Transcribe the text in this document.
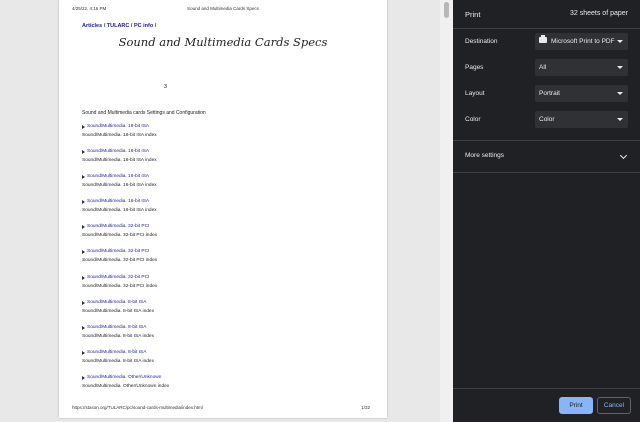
4/25/22, 4:16 PM	Sound and Multimedia Cards Specs
Articles / TULARC / PC info /
Sound and Multimedia Cards Specs
3
Sound and Multimedia cards Settings and Configuration
Sound/Multimedia. 16-bit ISA
Sound/Multimedia. 16-bit ISA index
Sound/Multimedia. 16-bit ISA
Sound/Multimedia. 16-bit ISA index
Sound/Multimedia. 16-bit ISA
Sound/Multimedia. 16-bit ISA index
Sound/Multimedia. 16-bit ISA
Sound/Multimedia. 16-bit ISA index
Sound/Multimedia. 32-bit PCI
Sound/Multimedia. 32-bit PCI index
Sound/Multimedia. 32-bit PCI
Sound/Multimedia. 32-bit PCI index
Sound/Multimedia. 32-bit PCI
Sound/Multimedia. 32-bit PCI index
Sound/Multimedia. 8-bit ISA
Sound/Multimedia. 8-bit ISA index
Sound/Multimedia. 8-bit ISA
Sound/Multimedia. 8-bit ISA index
Sound/Multimedia. 8-bit ISA
Sound/Multimedia. 8-bit ISA index
Sound/Multimedia. Other/Unknown
Sound/Multimedia. Other/Unknown index
https://stason.org/TULARC/pc/sound-cards-multimedia/index.html	1/32
Print	32 sheets of paper
Destination	Microsoft Print to PDF
Pages	All
Layout	Portrait
Color	Color
More settings
Print	Cancel
